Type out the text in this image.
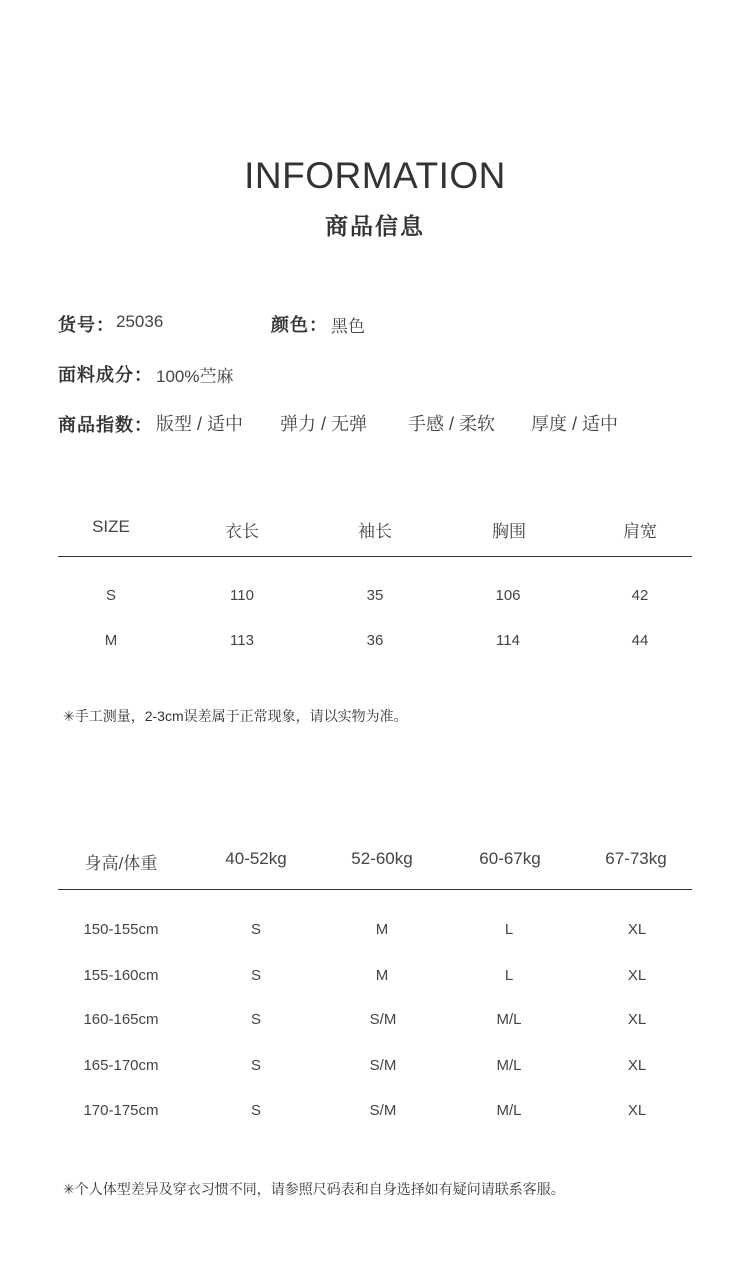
INFORMATION
商品信息
货号： 25036	颜色： 黑色
面料成分： 100%苎麻
商品指数： 版型 / 适中 弹力 / 无弹 手感 / 柔软 厚度 / 适中
SIZE	衣长	袖长	胸围	肩宽
S	110	35	106	42
M	113	36	114	44
✳手工测量，2-3cm误差属于正常现象，请以实物为准。
身高/体重	40-52kg	52-60kg	60-67kg	67-73kg
150-155cm	S	M	L	XL
155-160cm	S	M	L	XL
160-165cm	S	S/M	M/L	XL
165-170cm	S	S/M	M/L	XL
170-175cm	S	S/M	M/L	XL
✳个人体型差异及穿衣习惯不同，请参照尺码表和自身选择如有疑问请联系客服。
